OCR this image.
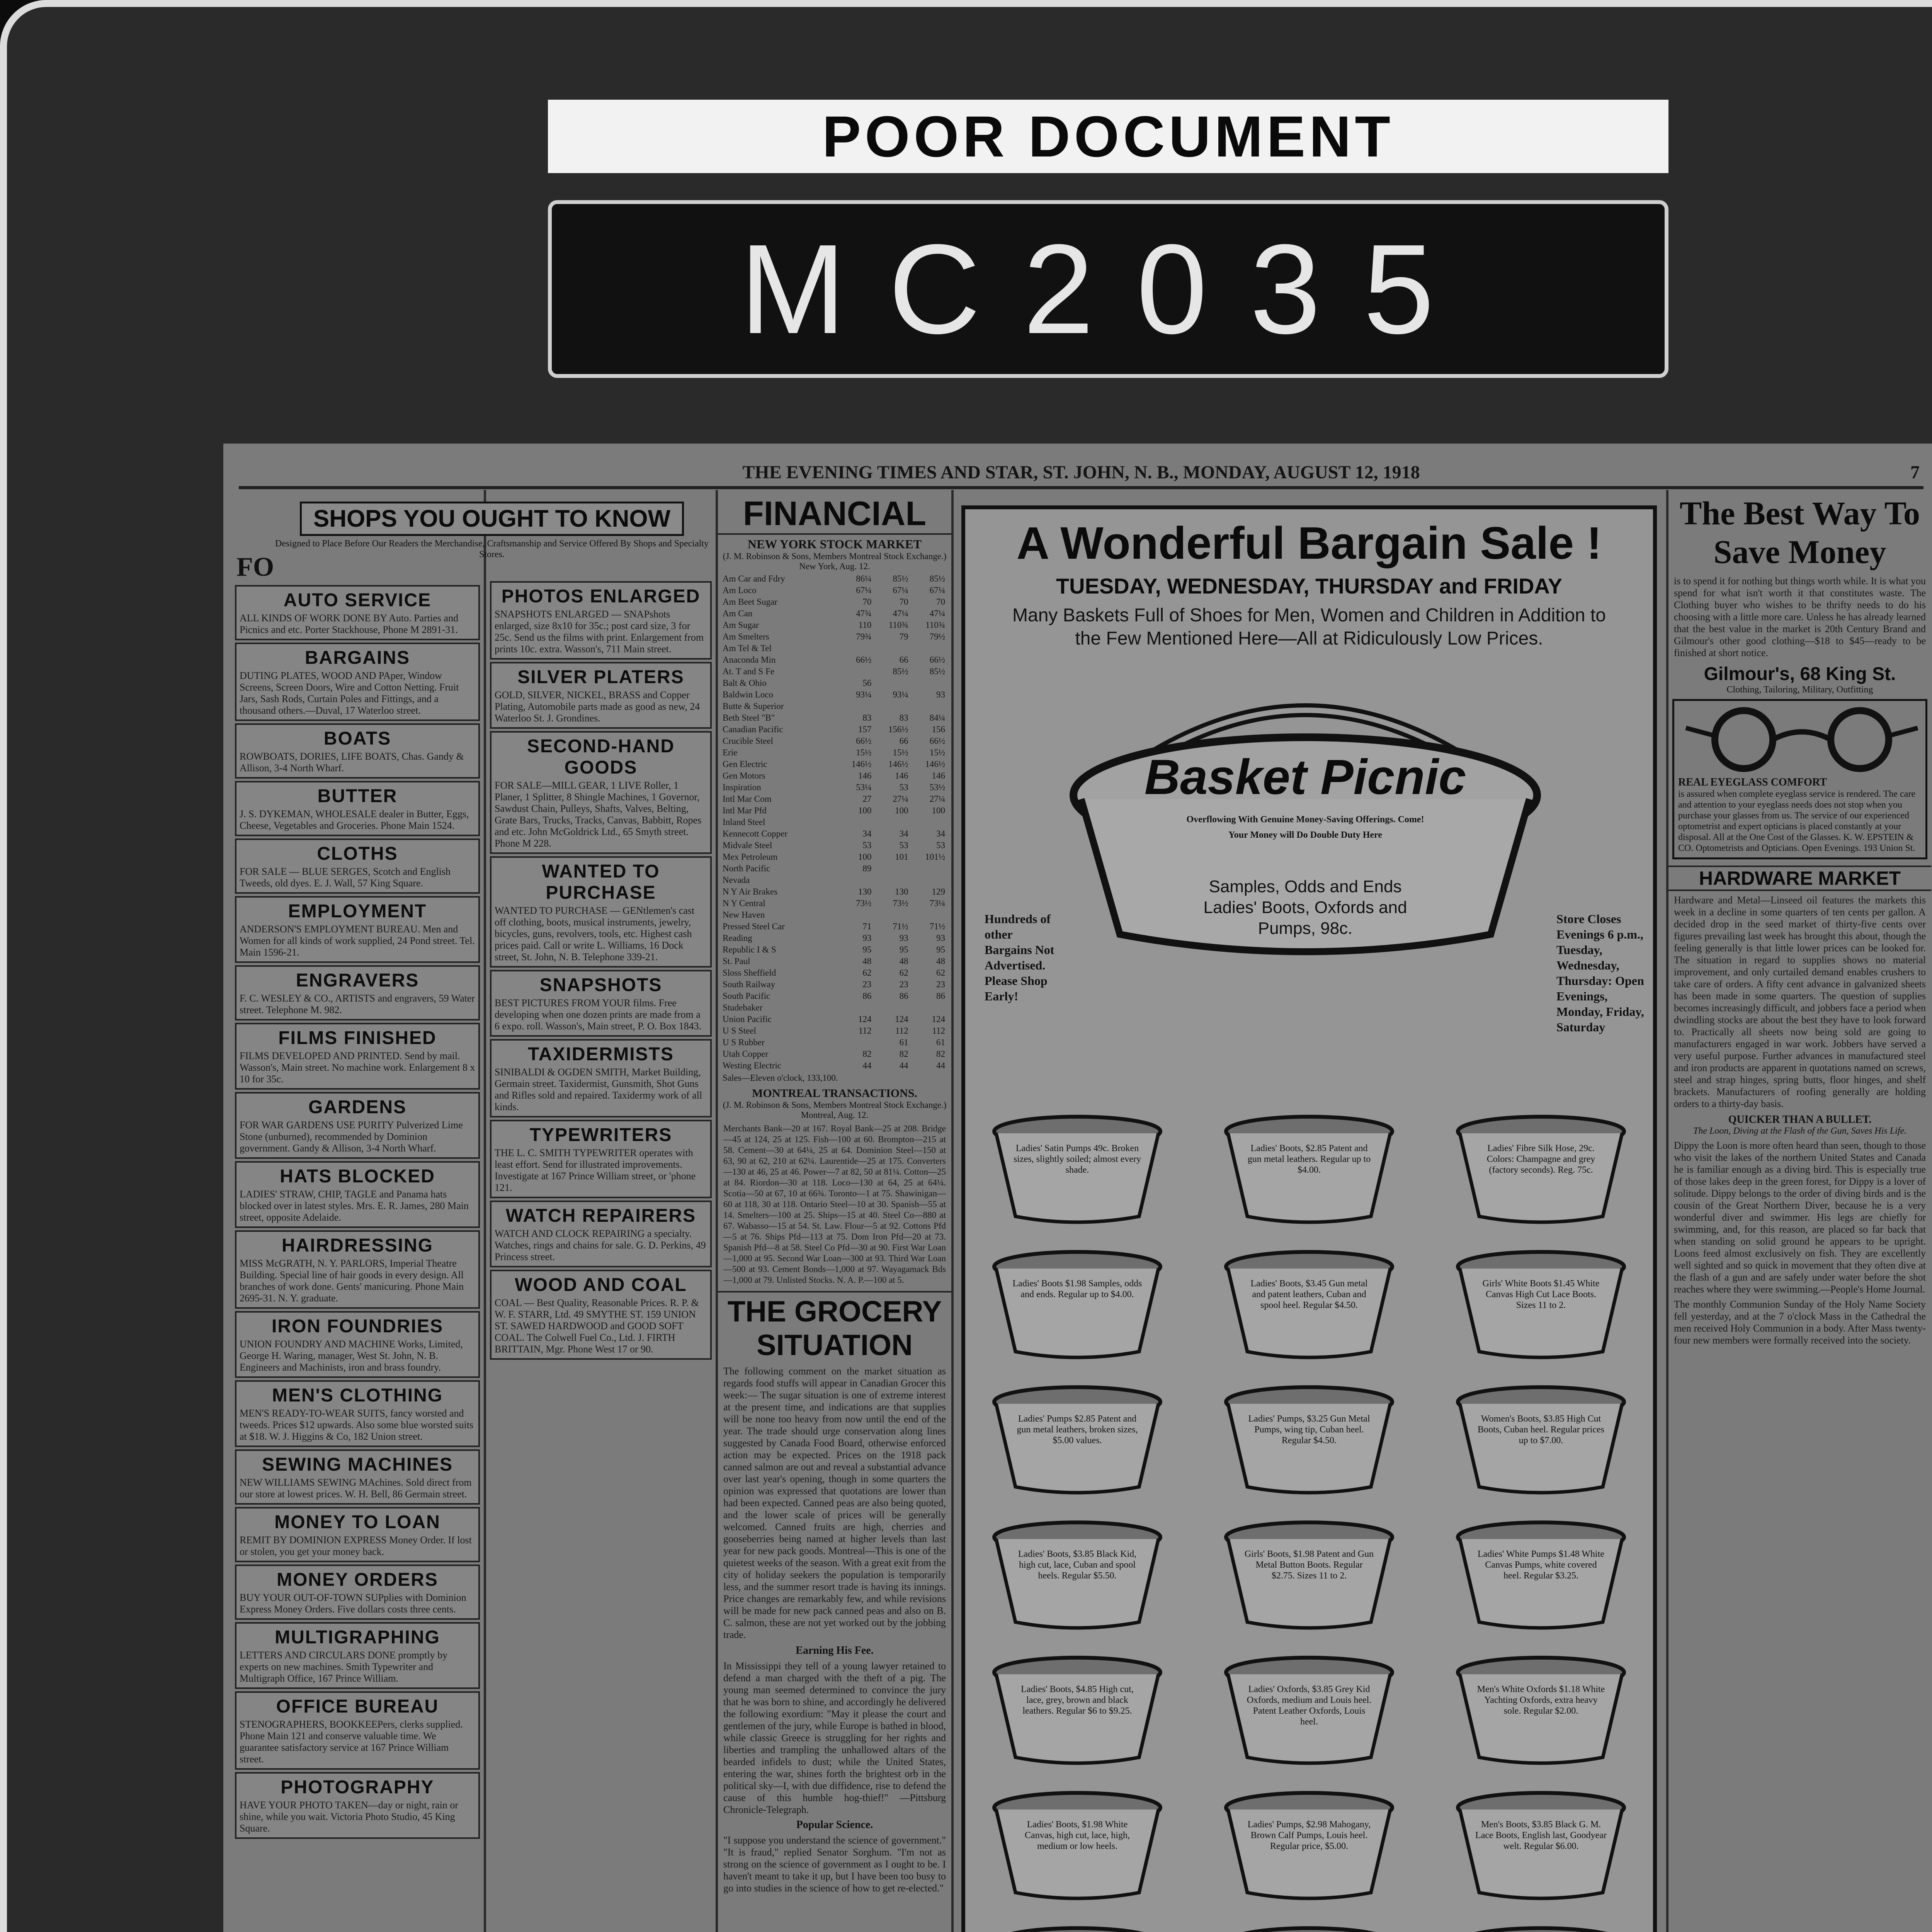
POOR DOCUMENT
MC2035
THE EVENING TIMES AND STAR, ST. JOHN, N. B., MONDAY, AUGUST 12, 1918	7
FO
AUTO SERVICE

ALL KINDS OF WORK DONE BY Auto. Parties and Picnics and etc. Porter Stackhouse, Phone M 2891-31.

BARGAINS

DUTING PLATES, WOOD AND PAper, Window Screens, Screen Doors, Wire and Cotton Netting. Fruit Jars, Sash Rods, Curtain Poles and Fittings, and a thousand others.—Duval, 17 Waterloo street.

BOATS

ROWBOATS, DORIES, LIFE BOATS, Chas. Gandy & Allison, 3-4 North Wharf.

BUTTER

J. S. DYKEMAN, WHOLESALE dealer in Butter, Eggs, Cheese, Vegetables and Groceries. Phone Main 1524.

CLOTHS

FOR SALE — BLUE SERGES, Scotch and English Tweeds, old dyes. E. J. Wall, 57 King Square.

EMPLOYMENT

ANDERSON'S EMPLOYMENT BUREAU. Men and Women for all kinds of work supplied, 24 Pond street. Tel. Main 1596-21.

ENGRAVERS

F. C. WESLEY & CO., ARTISTS and engravers, 59 Water street. Telephone M. 982.

FILMS FINISHED

FILMS DEVELOPED AND PRINTED. Send by mail. Wasson's, Main street. No machine work. Enlargement 8 x 10 for 35c.

GARDENS

FOR WAR GARDENS USE PURITY Pulverized Lime Stone (unburned), recommended by Dominion government. Gandy & Allison, 3-4 North Wharf.

HATS BLOCKED

LADIES' STRAW, CHIP, TAGLE and Panama hats blocked over in latest styles. Mrs. E. R. James, 280 Main street, opposite Adelaide.

HAIRDRESSING

MISS McGRATH, N. Y. PARLORS, Imperial Theatre Building. Special line of hair goods in every design. All branches of work done. Gents' manicuring. Phone Main 2695-31. N. Y. graduate.

IRON FOUNDRIES

UNION FOUNDRY AND MACHINE Works, Limited, George H. Waring, manager, West St. John, N. B. Engineers and Machinists, iron and brass foundry.

MEN'S CLOTHING

MEN'S READY-TO-WEAR SUITS, fancy worsted and tweeds. Prices $12 upwards. Also some blue worsted suits at $18. W. J. Higgins & Co, 182 Union street.

SEWING MACHINES

NEW WILLIAMS SEWING MAchines. Sold direct from our store at lowest prices. W. H. Bell, 86 Germain street.

MONEY TO LOAN

REMIT BY DOMINION EXPRESS Money Order. If lost or stolen, you get your money back.

MONEY ORDERS

BUY YOUR OUT-OF-TOWN SUPplies with Dominion Express Money Orders. Five dollars costs three cents.

MULTIGRAPHING

LETTERS AND CIRCULARS DONE promptly by experts on new machines. Smith Typewriter and Multigraph Office, 167 Prince William.

OFFICE BUREAU

STENOGRAPHERS, BOOKKEEPers, clerks supplied. Phone Main 121 and conserve valuable time. We guarantee satisfactory service at 167 Prince William street.

PHOTOGRAPHY

HAVE YOUR PHOTO TAKEN—day or night, rain or shine, while you wait. Victoria Photo Studio, 45 King Square.

PHOTOS ENLARGED

SNAPSHOTS ENLARGED — SNAPshots enlarged, size 8x10 for 35c.; post card size, 3 for 25c. Send us the films with print. Enlargement from prints 10c. extra. Wasson's, 711 Main street.

SILVER PLATERS

GOLD, SILVER, NICKEL, BRASS and Copper Plating, Automobile parts made as good as new, 24 Waterloo St. J. Grondines.

SECOND-HAND GOODS

FOR SALE—MILL GEAR, 1 LIVE Roller, 1 Planer, 1 Splitter, 8 Shingle Machines, 1 Governor, Sawdust Chain, Pulleys, Shafts, Valves, Belting, Grate Bars, Trucks, Tracks, Canvas, Babbitt, Ropes and etc. John McGoldrick Ltd., 65 Smyth street. Phone M 228.

WANTED TO PURCHASE

WANTED TO PURCHASE — GENtlemen's cast off clothing, boots, musical instruments, jewelry, bicycles, guns, revolvers, tools, etc. Highest cash prices paid. Call or write L. Williams, 16 Dock street, St. John, N. B. Telephone 339-21.

SNAPSHOTS

BEST PICTURES FROM YOUR films. Free developing when one dozen prints are made from a 6 expo. roll. Wasson's, Main street, P. O. Box 1843.

TAXIDERMISTS

SINIBALDI & OGDEN SMITH, Market Building, Germain street. Taxidermist, Gunsmith, Shot Guns and Rifles sold and repaired. Taxidermy work of all kinds.

TYPEWRITERS

THE L. C. SMITH TYPEWRITER operates with least effort. Send for illustrated improvements. Investigate at 167 Prince William street, or 'phone 121.

WATCH REPAIRERS

WATCH AND CLOCK REPAIRING a specialty. Watches, rings and chains for sale. G. D. Perkins, 49 Princess street.

WOOD AND COAL

COAL — Best Quality, Reasonable Prices. R. P. & W. F. STARR, Ltd. 49 SMYTHE ST. 159 UNION ST. SAWED HARDWOOD and GOOD SOFT COAL. The Colwell Fuel Co., Ltd. J. FIRTH BRITTAIN, Mgr. Phone West 17 or 90.

SHOPS YOU OUGHT TO KNOW
Designed to Place Before Our Readers the Merchandise, Craftsmanship and Service Offered By Shops and Specialty Stores.
FINANCIAL
NEW YORK STOCK MARKET
(J. M. Robinson & Sons, Members Montreal Stock Exchange.) New York, Aug. 12.
Am Car and Fdry	86¼	85½	85½
Am Loco	67¼	67¼	67¼
Am Beet Sugar	70	70	70
Am Can	47¾	47¼	47¼
Am Sugar	110	110¾	110¾
Am Smelters	79¾	79	79½
Am Tel & Tel			
Anaconda Min	66½	66	66½
At. T and S Fe		85½	85½
Balt & Ohio	56		
Baldwin Loco	93¼	93¼	93
Butte & Superior			
Beth Steel "B"	83	83	84¼
Canadian Pacific	157	156½	156
Crucible Steel	66½	66	66½
Erie	15½	15½	15½
Gen Electric	146½	146½	146½
Gen Motors	146	146	146
Inspiration	53¼	53	53½
Intl Mar Com	27	27¼	27¼
Intl Mar Pfd	100	100	100
Inland Steel			
Kennecott Copper	34	34	34
Midvale Steel	53	53	53
Mex Petroleum	100	101	101½
North Pacific	89		
Nevada			
N Y Air Brakes	130	130	129
N Y Central	73½	73½	73¼
New Haven			
Pressed Steel Car	71	71½	71½
Reading	93	93	93
Republic I & S	95	95	95
St. Paul	48	48	48
Sloss Sheffield	62	62	62
South Railway	23	23	23
South Pacific	86	86	86
Studebaker			
Union Pacific	124	124	124
U S Steel	112	112	112
U S Rubber		61	61
Utah Copper	82	82	82
Westing Electric	44	44	44
Sales—Eleven o'clock, 133,100.
MONTREAL TRANSACTIONS.
(J. M. Robinson & Sons, Members Montreal Stock Exchange.) Montreal, Aug. 12.
Merchants Bank—20 at 167. Royal Bank—25 at 208. Bridge—45 at 124, 25 at 125. Fish—100 at 60. Brompton—215 at 58. Cement—30 at 64¼, 25 at 64. Dominion Steel—150 at 63, 90 at 62, 210 at 62¼. Laurentide—25 at 175. Converters—130 at 46, 25 at 46. Power—7 at 82, 50 at 81¼. Cotton—25 at 84. Riordon—30 at 118. Loco—130 at 64, 25 at 64¼. Scotia—50 at 67, 10 at 66¾. Toronto—1 at 75. Shawinigan—60 at 118, 30 at 118. Ontario Steel—10 at 30. Spanish—55 at 14. Smelters—100 at 25. Ships—15 at 40. Steel Co—880 at 67. Wabasso—15 at 54. St. Law. Flour—5 at 92. Cottons Pfd—5 at 76. Ships Pfd—113 at 75. Dom Iron Pfd—20 at 73. Spanish Pfd—8 at 58. Steel Co Pfd—30 at 90. First War Loan—1,000 at 95. Second War Loan—300 at 93. Third War Loan—500 at 93. Cement Bonds—1,000 at 97. Wayagamack Bds—1,000 at 79. Unlisted Stocks. N. A. P.—100 at 5.
THE GROCERY SITUATION
The following comment on the market situation as regards food stuffs will appear in Canadian Grocer this week:— The sugar situation is one of extreme interest at the present time, and indications are that supplies will be none too heavy from now until the end of the year. The trade should urge conservation along lines suggested by Canada Food Board, otherwise enforced action may be expected. Prices on the 1918 pack canned salmon are out and reveal a substantial advance over last year's opening, though in some quarters the opinion was expressed that quotations are lower than had been expected. Canned peas are also being quoted, and the lower scale of prices will be generally welcomed. Canned fruits are high, cherries and gooseberries being named at higher levels than last year for new pack goods. Montreal—This is one of the quietest weeks of the season. With a great exit from the city of holiday seekers the population is temporarily less, and the summer resort trade is having its innings. Price changes are remarkably few, and while revisions will be made for new pack canned peas and also on B. C. salmon, these are not yet worked out by the jobbing trade.
Earning His Fee.
In Mississippi they tell of a young lawyer retained to defend a man charged with the theft of a pig. The young man seemed determined to convince the jury that he was born to shine, and accordingly he delivered the following exordium: "May it please the court and gentlemen of the jury, while Europe is bathed in blood, while classic Greece is struggling for her rights and liberties and trampling the unhallowed altars of the bearded infidels to dust; while the United States, entering the war, shines forth the brightest orb in the political sky—I, with due diffidence, rise to defend the cause of this humble hog-thief!" —Pittsburg Chronicle-Telegraph.
Popular Science.
"I suppose you understand the science of government." "It is fraud," replied Senator Sorghum. "I'm not as strong on the science of government as I ought to be. I haven't meant to take it up, but I have been too busy to go into studies in the science of how to get re-elected."
A Wonderful Bargain Sale !
TUESDAY, WEDNESDAY, THURSDAY and FRIDAY
Many Baskets Full of Shoes for Men, Women and Children in Addition to the Few Mentioned Here—All at Ridiculously Low Prices.
Basket Picnic
Overflowing With Genuine Money-Saving Offerings. Come!
Your Money will Do Double Duty Here
Samples, Odds and Ends Ladies' Boots, Oxfords and Pumps, 98c.
Hundreds of other Bargains Not Advertised. Please Shop Early!
Store Closes Evenings 6 p.m., Tuesday, Wednesday, Thursday: Open Evenings, Monday, Friday, Saturday
Ladies' Satin Pumps 49c. Broken sizes, slightly soiled; almost every shade.
Ladies' Boots, $2.85 Patent and gun metal leathers. Regular up to $4.00.
Ladies' Fibre Silk Hose, 29c. Colors: Champagne and grey (factory seconds). Reg. 75c.
Ladies' Boots $1.98 Samples, odds and ends. Regular up to $4.00.
Ladies' Boots, $3.45 Gun metal and patent leathers, Cuban and spool heel. Regular $4.50.
Girls' White Boots $1.45 White Canvas High Cut Lace Boots. Sizes 11 to 2.
Ladies' Pumps $2.85 Patent and gun metal leathers, broken sizes, $5.00 values.
Ladies' Pumps, $3.25 Gun Metal Pumps, wing tip, Cuban heel. Regular $4.50.
Women's Boots, $3.85 High Cut Boots, Cuban heel. Regular prices up to $7.00.
Ladies' Boots, $3.85 Black Kid, high cut, lace, Cuban and spool heels. Regular $5.50.
Girls' Boots, $1.98 Patent and Gun Metal Button Boots. Regular $2.75. Sizes 11 to 2.
Ladies' White Pumps $1.48 White Canvas Pumps, white covered heel. Regular $3.25.
Ladies' Boots, $4.85 High cut, lace, grey, brown and black leathers. Regular $6 to $9.25.
Ladies' Oxfords, $3.85 Grey Kid Oxfords, medium and Louis heel. Patent Leather Oxfords, Louis heel.
Men's White Oxfords $1.18 White Yachting Oxfords, extra heavy sole. Regular $2.00.
Ladies' Boots, $1.98 White Canvas, high cut, lace, high, medium or low heels.
Ladies' Pumps, $2.98 Mahogany, Brown Calf Pumps, Louis heel. Regular price, $5.00.
Men's Boots, $3.85 Black G. M. Lace Boots, English last, Goodyear welt. Regular $6.00.
The Best Way To Save Money
is to spend it for nothing but things worth while. It is what you spend for what isn't worth it that constitutes waste. The Clothing buyer who wishes to be thrifty needs to do his choosing with a little more care. Unless he has already learned that the best value in the market is 20th Century Brand and Gilmour's other good clothing—$18 to $45—ready to be finished at short notice.
Gilmour's, 68 King St.
Clothing, Tailoring, Military, Outfitting
REAL EYEGLASS COMFORT
is assured when complete eyeglass service is rendered. The care and attention to your eyeglass needs does not stop when you purchase your glasses from us. The service of our experienced optometrist and expert opticians is placed constantly at your disposal. All at the One Cost of the Glasses. K. W. EPSTEIN & CO. Optometrists and Opticians. Open Evenings. 193 Union St.
HARDWARE MARKET
Hardware and Metal—Linseed oil features the markets this week in a decline in some quarters of ten cents per gallon. A decided drop in the seed market of thirty-five cents over figures prevailing last week has brought this about, though the feeling generally is that little lower prices can be looked for. The situation in regard to supplies shows no material improvement, and only curtailed demand enables crushers to take care of orders. A fifty cent advance in galvanized sheets has been made in some quarters. The question of supplies becomes increasingly difficult, and jobbers face a period when dwindling stocks are about the best they have to look forward to. Practically all sheets now being sold are going to manufacturers engaged in war work. Jobbers have served a very useful purpose. Further advances in manufactured steel and iron products are apparent in quotations named on screws, steel and strap hinges, spring butts, floor hinges, and shelf brackets. Manufacturers of roofing generally are holding orders to a thirty-day basis.
QUICKER THAN A BULLET.
The Loon, Diving at the Flash of the Gun, Saves His Life.
Dippy the Loon is more often heard than seen, though to those who visit the lakes of the northern United States and Canada he is familiar enough as a diving bird. This is especially true of those lakes deep in the green forest, for Dippy is a lover of solitude. Dippy belongs to the order of diving birds and is the cousin of the Great Northern Diver, because he is a very wonderful diver and swimmer. His legs are chiefly for swimming, and, for this reason, are placed so far back that when standing on solid ground he appears to be upright. Loons feed almost exclusively on fish. They are excellently well sighted and so quick in movement that they often dive at the flash of a gun and are safely under water before the shot reaches where they were swimming.—People's Home Journal.
The monthly Communion Sunday of the Holy Name Society fell yesterday, and at the 7 o'clock Mass in the Cathedral the men received Holy Communion in a body. After Mass twenty-four new members were formally received into the society.
